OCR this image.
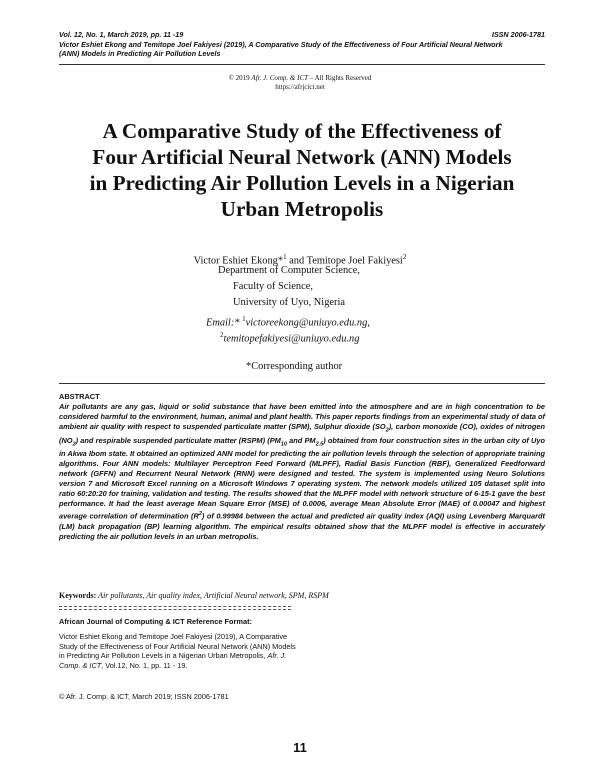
Vol. 12, No. 1, March 2019, pp. 11 -19	ISSN 2006-1781
Victor Eshiet Ekong and Temitope Joel Fakiyesi (2019), A Comparative Study of the Effectiveness of Four Artificial Neural Network
(ANN) Models in Predicting Air Pollution Levels
© 2019 Afr. J. Comp. & ICT – All Rights Reserved
https://afrjcict.net
A Comparative Study of the Effectiveness of
Four Artificial Neural Network (ANN) Models
in Predicting Air Pollution Levels in a Nigerian
Urban Metropolis
Victor Eshiet Ekong*$^1$ and Temitope Joel Fakiyesi$^2$
Department of Computer Science,
Faculty of Science,
University of Uyo, Nigeria
Email:* $^1$victoreekong@uniuyo.edu.ng,
$^2$temitopefakiyesi@uniuyo.edu.ng
*Corresponding author
ABSTRACT
Air pollutants are any gas, liquid or solid substance that have been emitted into the atmosphere and are in high concentration to be considered harmful to the environment, human, animal and plant health. This paper reports findings from an experimental study of data of ambient air quality with respect to suspended particulate matter (SPM), Sulphur dioxide $(SO_2)$, carbon monoxide (CO), oxides of nitrogen $(NO_2)$ and respirable suspended particulate matter (RSPM) ($PM_{10}$ and $PM_{2.5}$) obtained from four construction sites in the urban city of Uyo in Akwa Ibom state. It obtained an optimized ANN model for predicting the air pollution levels through the selection of appropriate training algorithms. Four ANN models: Multilayer Perceptron Feed Forward (MLPFF), Radial Basis Function (RBF), Generalized Feedforward network (GFFN) and Recurrent Neural Network (RNN) were designed and tested. The system is implemented using Neuro Solutions version 7 and Microsoft Excel running on a Microsoft Windows 7 operating system. The network models utilized 105 dataset split into ratio 60:20:20 for training, validation and testing. The results showed that the MLPFF model with network structure of 6-15-1 gave the best performance. It had the least average Mean Square Error (MSE) of 0.0006, average Mean Absolute Error (MAE) of 0.00047 and highest average correlation of determination $(R^2)$ of 0.99984 between the actual and predicted air quality index (AQI) using Levenberg Marquardt (LM) back propagation (BP) learning algorithm. The empirical results obtained show that the MLPFF model is effective in accurately predicting the air pollution levels in an urban metropolis.
Keywords: Air pollutants, Air quality index, Artificial Neural network, SPM, RSPM
African Journal of Computing & ICT Reference Format:
Victor Eshiet Ekong and Temitope Joel Fakiyesi (2019), A Comparative Study of the Effectiveness of Four Artificial Neural Network (ANN) Models in Predicting Air Pollution Levels in a Nigerian Urban Metropolis, Afr. J. Comp. & ICT, Vol.12, No. 1, pp. 11 - 19.
© Afr. J. Comp. & ICT, March 2019; ISSN 2006-1781
11
